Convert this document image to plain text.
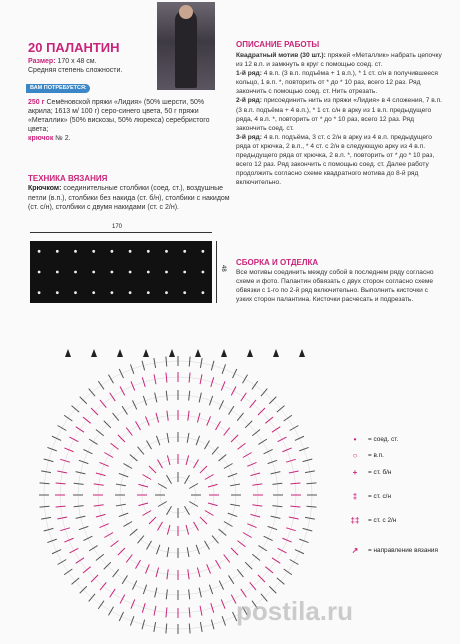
20 ПАЛАНТИН
Размер: 170 х 48 см.
Средняя степень сложности.
ВАМ ПОТРЕБУЕТСЯ:
250 г Семёновской пряжи «Лидия» (50% шерсти, 50% акрила; 1613 м/ 100 г) серо-синего цвета, 50 г пряжи «Металлик» (50% вискозы, 50% люрекса) серебристого цвета;
крючок № 2.
ТЕХНИКА ВЯЗАНИЯ
Крючком: соединительные столбики (соед. ст.), воздушные петли (в.п.), столбики без накида (ст. б/н), столбики с накидом (ст. с/н), столбики с двумя накидами (ст. с 2/н).
170
48
ОПИСАНИЕ РАБОТЫ
Квадратный мотив (30 шт.): пряжей «Металлик» набрать цепочку из 12 в.п. и замкнуть в круг с помощью соед. ст.
1-й ряд: 4 в.п. (3 в.п. подъёма + 1 в.п.), * 1 ст. с/н в получившееся кольцо, 1 в.п. *, повторить от * до * 10 раз, всего 12 раз. Ряд закончить с помощью соед. ст. Нить отрезать.
2-й ряд: присоединить нить из пряжи «Лидия» в 4 сложения, 7 в.п. (3 в.п. подъёма + 4 в.п.), * 1 ст. с/н в арку из 1 в.п. предыдущего ряда, 4 в.п. *, повторить от * до * 10 раз, всего 12 раз. Ряд закончить соед. ст.
3-й ряд: 4 в.п. подъёма, 3 ст. с 2/н в арку из 4 в.п. предыдущего ряда от крючка, 2 в.п., * 4 ст. с 2/н в следующую арку из 4 в.п. предыдущего ряда от крючка, 2 в.п. *, повторить от * до * 10 раз, всего 12 раз. Ряд закончить с помощью соед. ст. Далее работу продолжить согласно схеме квадратного мотива до 8-й ряд включительно.
СБОРКА И ОТДЕЛКА
Все мотивы соединить между собой в последнем ряду согласно схеме и фото. Палантин обвязать с двух сторон согласно схеме обвязки с 1-го по 2-й ряд включительно. Выполнить кисточки с узких сторон палантина. Кисточки расчесать и подрезать.
•	= соед. ст.
○	= в.п.
+	= ст. б/н
‡	= ст. с/н
‡‡	= ст. с 2/н
↗	= направление вязания
postila.ru
